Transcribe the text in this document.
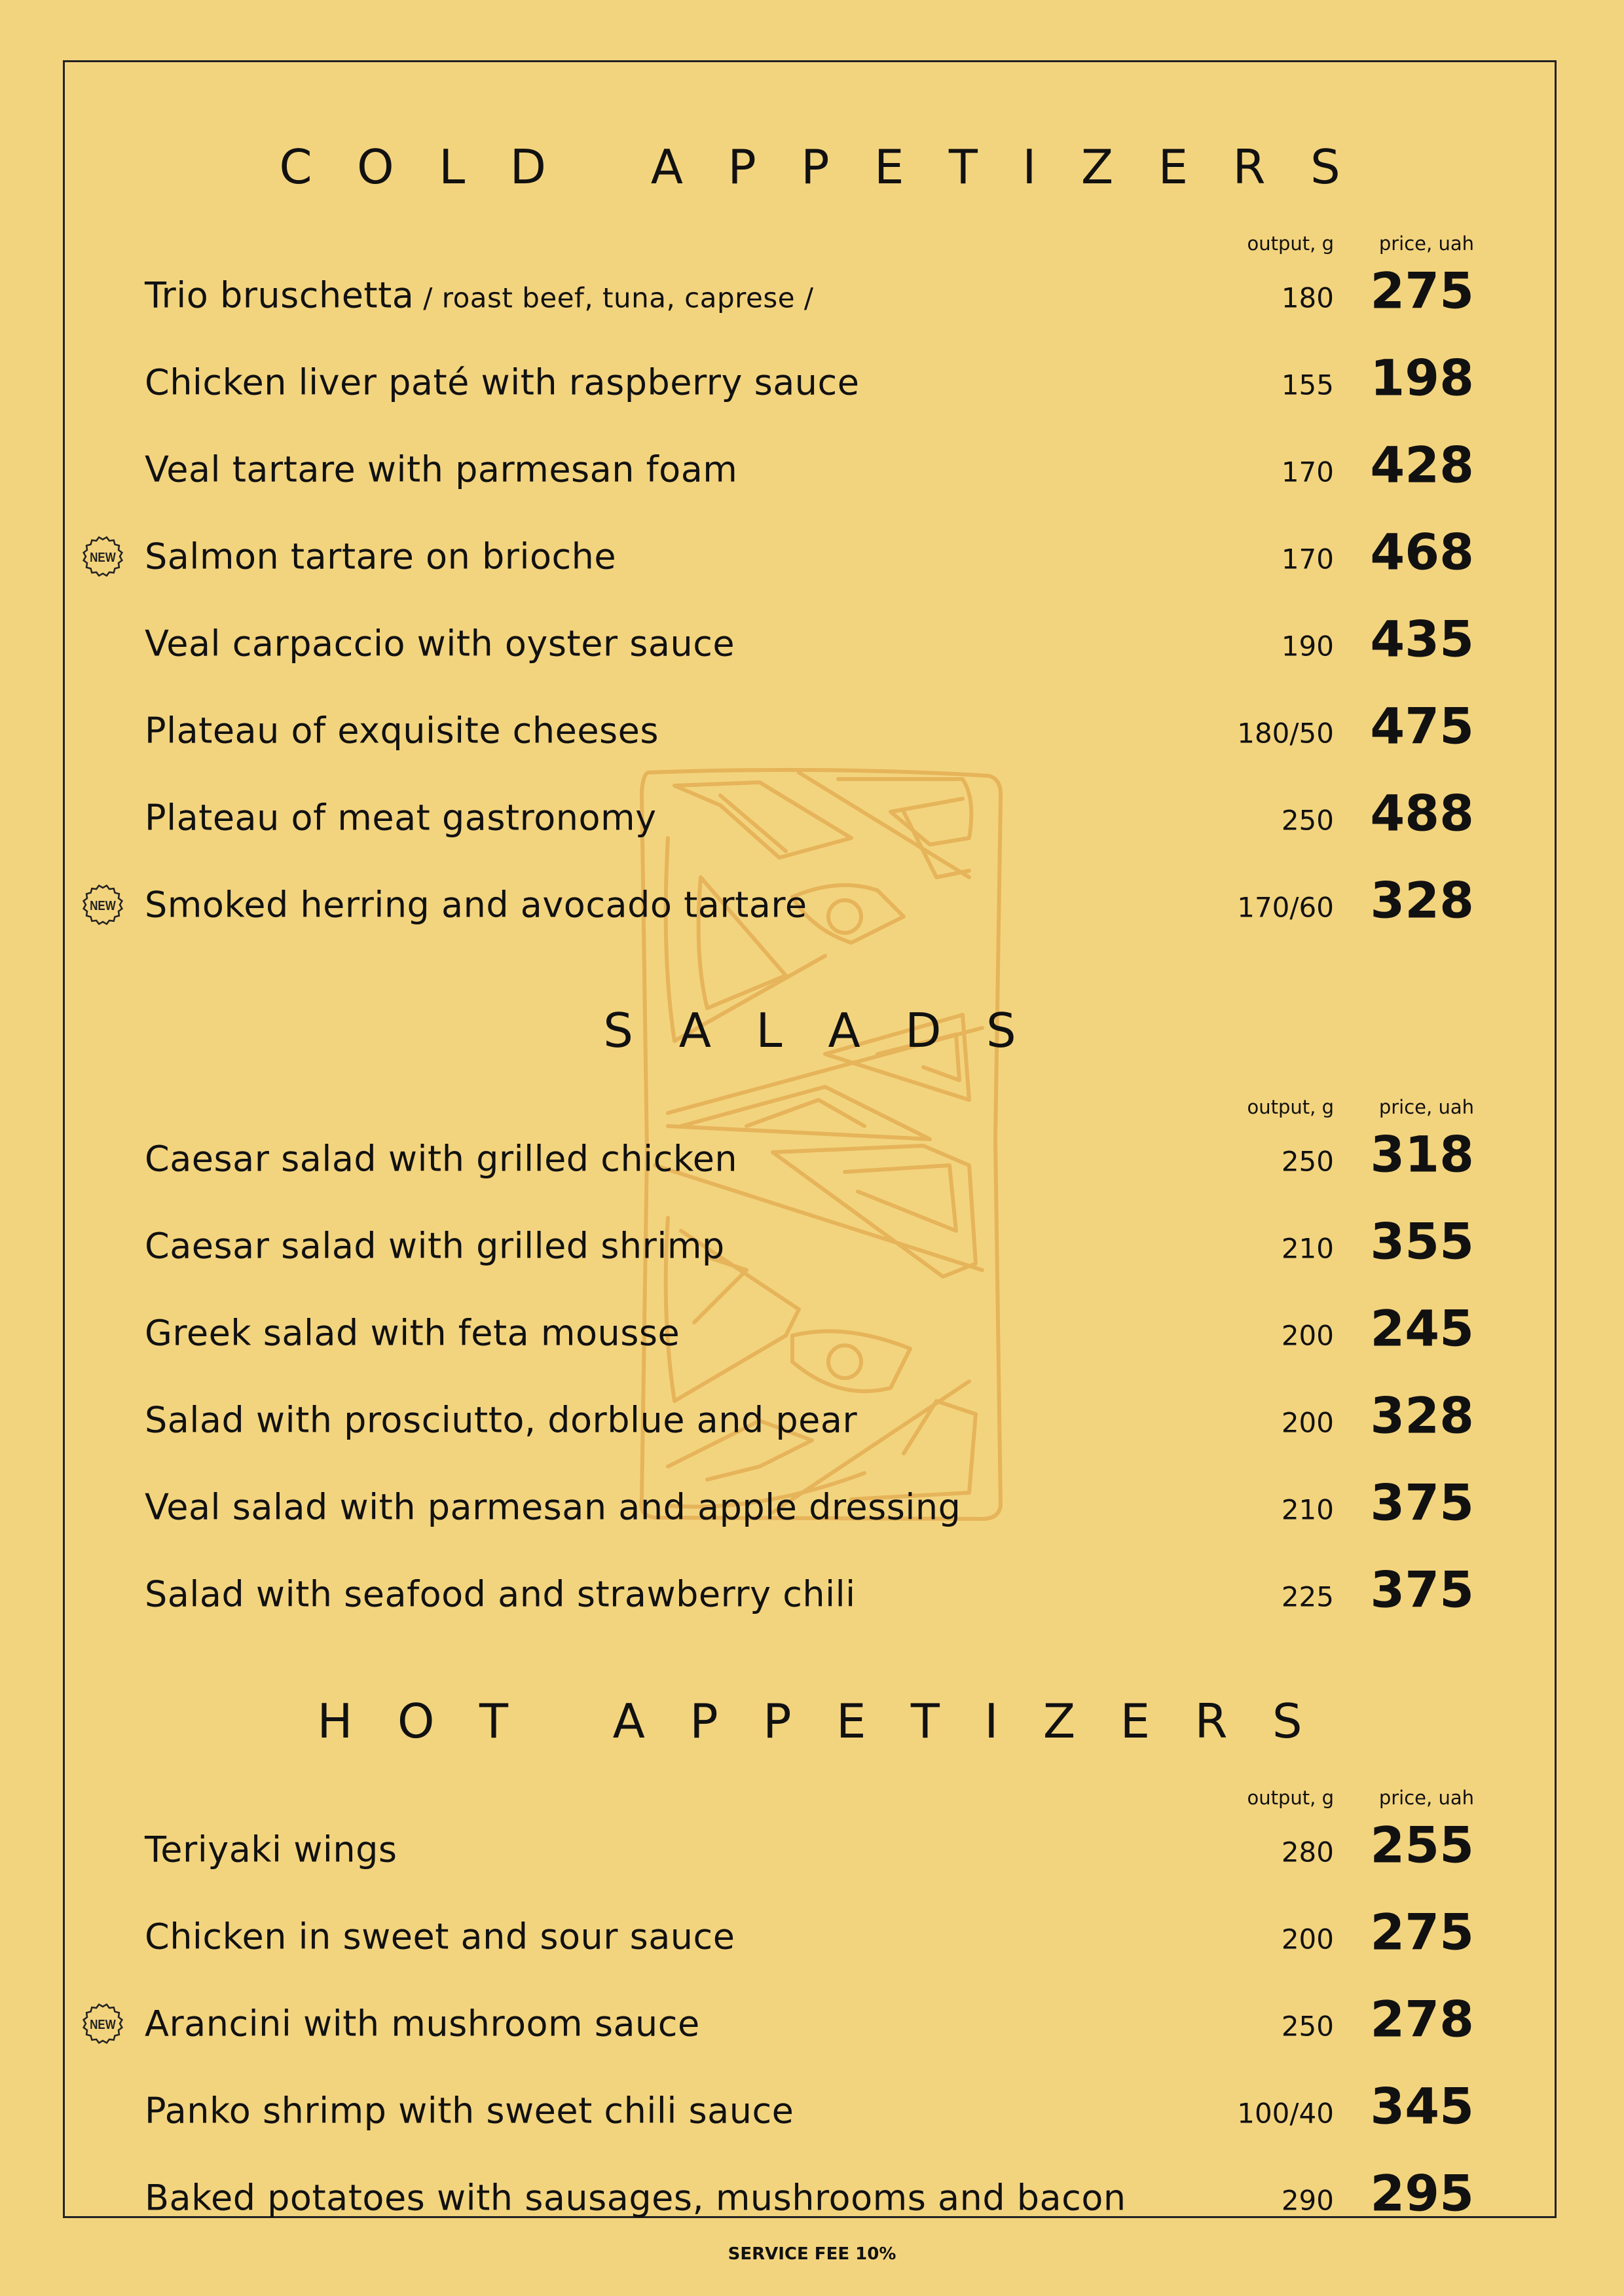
COLD APPETIZERS
output, g price, uah
Trio bruschetta / roast beef, tuna, caprese /	180 275
Chicken liver paté with raspberry sauce	155 198
Veal tartare with parmesan foam	170 428
NEW Salmon tartare on brioche	170 468
Veal carpaccio with oyster sauce	190 435
Plateau of exquisite cheeses	180/50 475
Plateau of meat gastronomy	250 488
NEW Smoked herring and avocado tartare	170/60 328
SALADS
output, g price, uah
Caesar salad with grilled chicken	250 318
Caesar salad with grilled shrimp	210 355
Greek salad with feta mousse	200 245
Salad with prosciutto, dorblue and pear	200 328
Veal salad with parmesan and apple dressing	210 375
Salad with seafood and strawberry chili	225 375
HOT APPETIZERS
output, g price, uah
Teriyaki wings	280 255
Chicken in sweet and sour sauce	200 275
NEW Arancini with mushroom sauce	250 278
Panko shrimp with sweet chili sauce	100/40 345
Baked potatoes with sausages, mushrooms and bacon	290 295
SERVICE FEE 10%
